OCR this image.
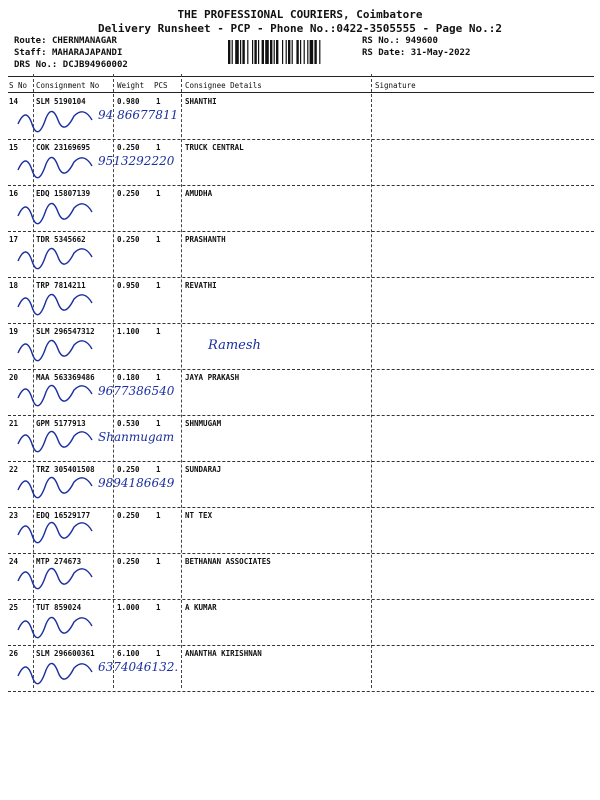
THE PROFESSIONAL COURIERS, Coimbatore
Delivery Runsheet - PCP - Phone No.:0422-3505555 - Page No.:2
Route: CHERNMANAGAR
Staff: MAHARAJAPANDI
DRS No.: DCJB94960002
RS No.: 949600
RS Date: 31-May-2022
S No Consignment No Weight PCS Consignee Details	Signature
14 SLM 5190104	0.980 1	SHANTHI
94 86677811
15 COK 23169695	0.250 1	TRUCK CENTRAL
9513292220
16 EDQ 15807139	0.250 1	AMUDHA
17 TDR 5345662	0.250 1	PRASHANTH
18 TRP 7814211	0.950 1	REVATHI
19 SLM 296547312	1.100 1
Ramesh
20 MAA 563369486	0.180 1	JAYA PRAKASH
9677386540
21 GPM 5177913	0.530 1	SHNMUGAM
Shanmugam
22 TRZ 305401508	0.250 1	SUNDARAJ
9894186649
23 EDQ 16529177	0.250 1	NT TEX
24 MTP 274673	0.250 1	BETHANAN ASSOCIATES
25 TUT 859024	1.000 1	A KUMAR
26 SLM 296600361	6.100 1	ANANTHA KIRISHNAN
6374046132.
